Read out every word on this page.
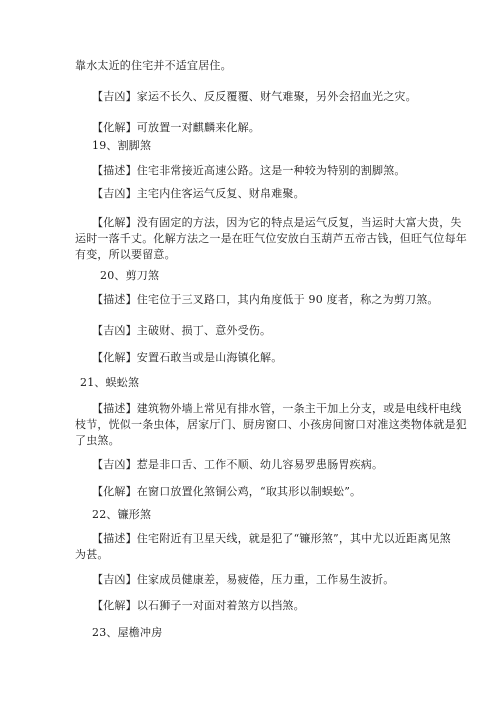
靠水太近的住宅并不适宜居住。
【吉凶】家运不长久、反反覆覆、财气难聚，另外会招血光之灾。
【化解】可放置一对麒麟来化解。
19、割脚煞
【描述】住宅非常接近高速公路。这是一种较为特别的割脚煞。
【吉凶】主宅内住客运气反复、财帛难聚。
【化解】没有固定的方法，因为它的特点是运气反复，当运时大富大贵，失
运时一落千丈。化解方法之一是在旺气位安放白玉葫芦五帝古钱，但旺气位每年
有变，所以要留意。
20、剪刀煞
【描述】住宅位于三叉路口，其内角度低于 90 度者，称之为剪刀煞。
【吉凶】主破财、损丁、意外受伤。
【化解】安置石敢当或是山海镇化解。
21、蜈蚣煞
【描述】建筑物外墙上常见有排水管，一条主干加上分支，或是电线杆电线
枝节，恍似一条虫体，居家厅门、厨房窗口、小孩房间窗口对准这类物体就是犯
了虫煞。
【吉凶】惹是非口舌、工作不顺、幼儿容易罗患肠胃疾病。
【化解】在窗口放置化煞铜公鸡，“取其形以制蜈蚣”。
22、镰形煞
【描述】住宅附近有卫星天线，就是犯了“镰形煞”，其中尤以近距离见煞
为甚。
【吉凶】住家成员健康差，易疲倦，压力重，工作易生波折。
【化解】以石狮子一对面对着煞方以挡煞。
23、屋檐冲房
